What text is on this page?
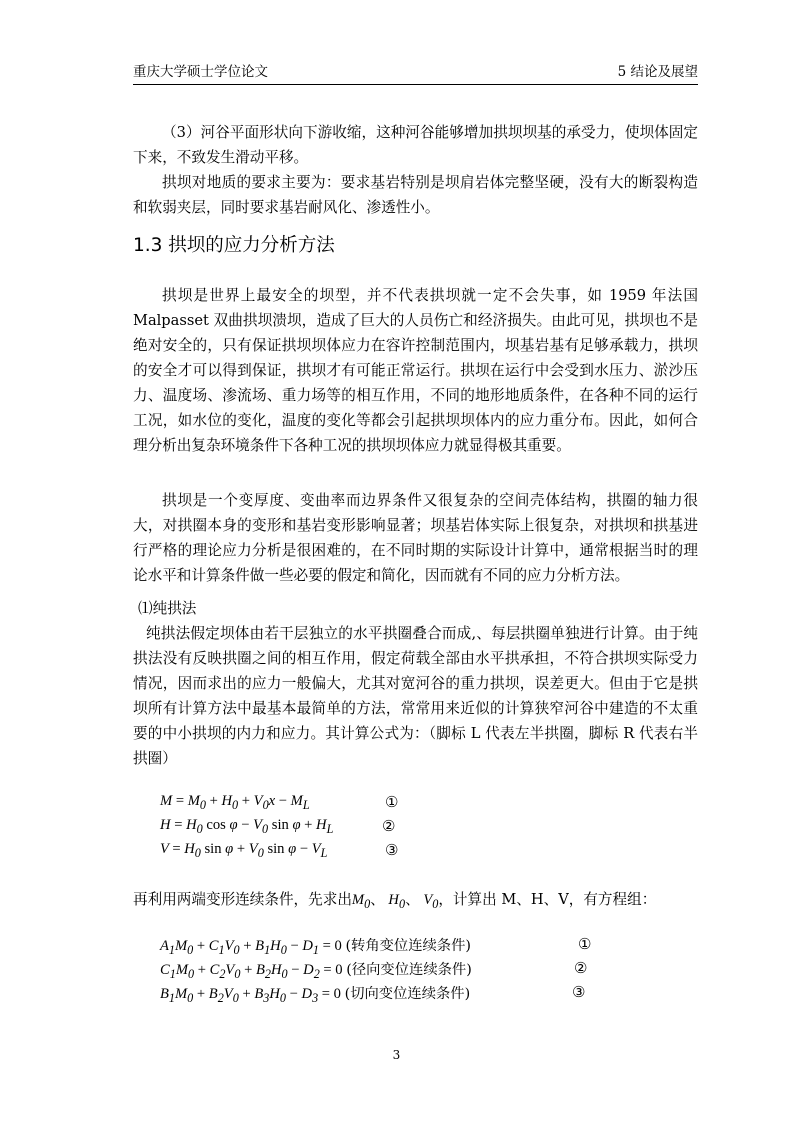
重庆大学硕士学位论文	5 结论及展望
（3）河谷平面形状向下游收缩，这种河谷能够增加拱坝坝基的承受力，使坝体固定下来，不致发生滑动平移。
拱坝对地质的要求主要为：要求基岩特别是坝肩岩体完整坚硬，没有大的断裂构造和软弱夹层，同时要求基岩耐风化、渗透性小。
1.3 拱坝的应力分析方法
拱坝是世界上最安全的坝型，并不代表拱坝就一定不会失事，如 1959 年法国 Malpasset 双曲拱坝溃坝，造成了巨大的人员伤亡和经济损失。由此可见，拱坝也不是绝对安全的，只有保证拱坝坝体应力在容许控制范围内，坝基岩基有足够承载力，拱坝的安全才可以得到保证，拱坝才有可能正常运行。拱坝在运行中会受到水压力、淤沙压力、温度场、渗流场、重力场等的相互作用，不同的地形地质条件，在各种不同的运行工况，如水位的变化，温度的变化等都会引起拱坝坝体内的应力重分布。因此，如何合理分析出复杂环境条件下各种工况的拱坝坝体应力就显得极其重要。
拱坝是一个变厚度、变曲率而边界条件又很复杂的空间壳体结构，拱圈的轴力很大，对拱圈本身的变形和基岩变形影响显著；坝基岩体实际上很复杂，对拱坝和拱基进行严格的理论应力分析是很困难的，在不同时期的实际设计计算中，通常根据当时的理论水平和计算条件做一些必要的假定和简化，因而就有不同的应力分析方法。
⑴纯拱法
纯拱法假定坝体由若干层独立的水平拱圈叠合而成,、每层拱圈单独进行计算。由于纯拱法没有反映拱圈之间的相互作用，假定荷载全部由水平拱承担，不符合拱坝实际受力情况，因而求出的应力一般偏大，尤其对宽河谷的重力拱坝，误差更大。但由于它是拱坝所有计算方法中最基本最简单的方法，常常用来近似的计算狭窄河谷中建造的不太重要的中小拱坝的内力和应力。其计算公式为：（脚标 L 代表左半拱圈，脚标 R 代表右半拱圈）
$M = M_0 + H_0 + V_0x - M_L$	①
$H = H_0$ $\cos \varphi - V_0$ $\sin \varphi + H_L$	②
$V = H_0$ $\sin \varphi + V_0$ $\sin \varphi - V_L$	③
再利用两端变形连续条件，先求出$M_0$、 $H_0$、 $V_0$，计算出 M、H、V，有方程组：
$A_1M_0 + C_1V_0 + B_1H_0 - D_1 = 0$ (转角变位连续条件)	①
$C_1M_0 + C_2V_0 + B_2H_0 - D_2 = 0$ (径向变位连续条件)	②
$B_1M_0 + B_2V_0 + B_3H_0 - D_3 = 0$ (切向变位连续条件)	③
3
